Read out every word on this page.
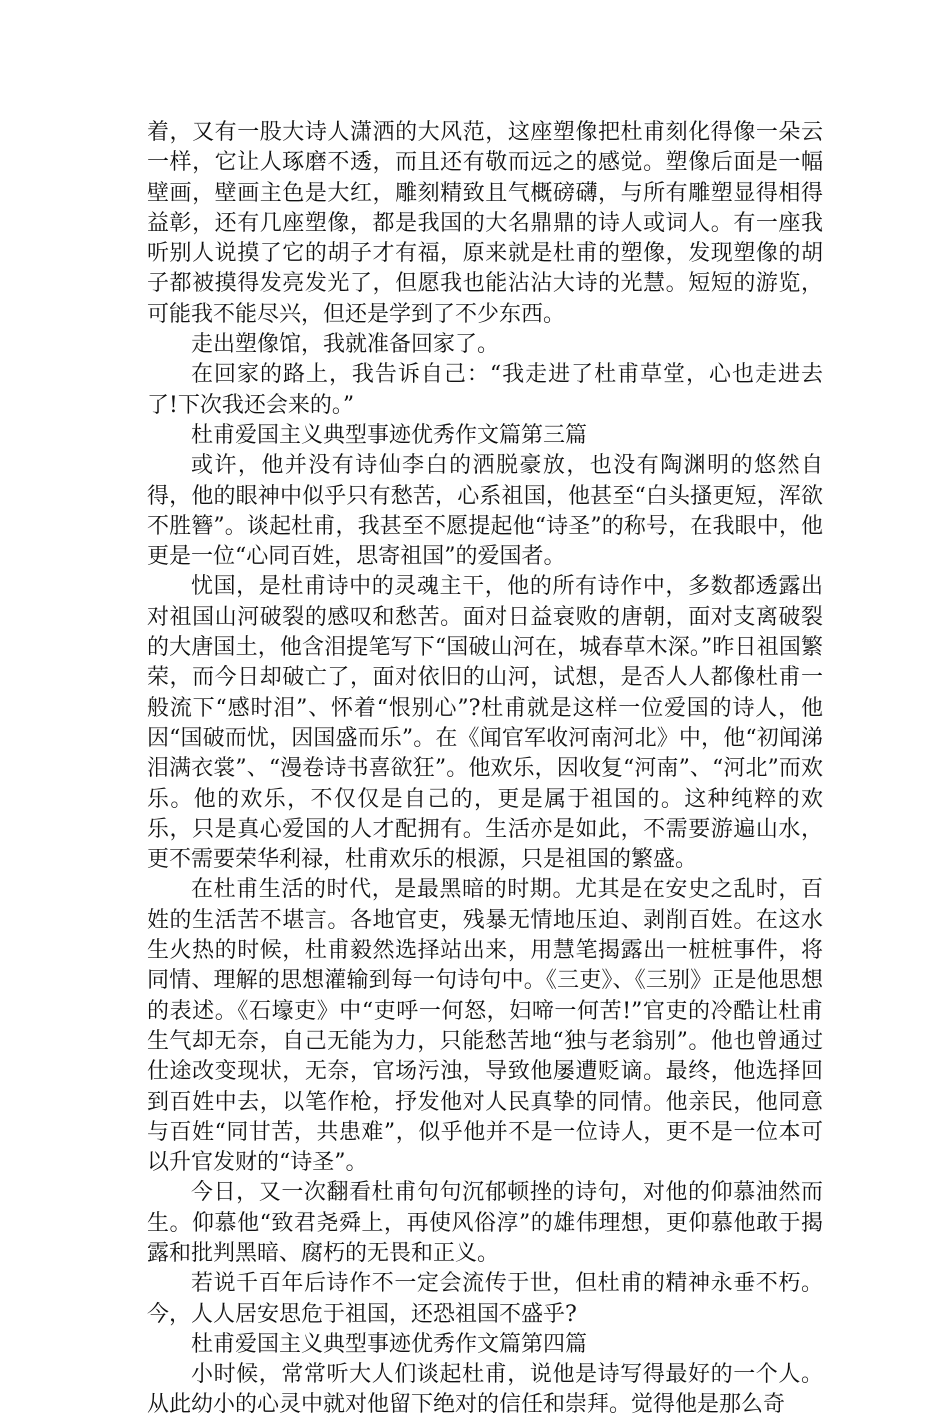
着，又有一股大诗人潇洒的大风范，这座塑像把杜甫刻化得像一朵云一样，它让人琢磨不透，而且还有敬而远之的感觉。塑像后面是一幅壁画，壁画主色是大红，雕刻精致且气概磅礴，与所有雕塑显得相得益彰，还有几座塑像，都是我国的大名鼎鼎的诗人或词人。有一座我听别人说摸了它的胡子才有福，原来就是杜甫的塑像，发现塑像的胡子都被摸得发亮发光了，但愿我也能沾沾大诗的光慧。短短的游览，可能我不能尽兴，但还是学到了不少东西。

走出塑像馆，我就准备回家了。

在回家的路上，我告诉自己：“我走进了杜甫草堂，心也走进去了!下次我还会来的。”

杜甫爱国主义典型事迹优秀作文篇第三篇

或许，他并没有诗仙李白的洒脱豪放，也没有陶渊明的悠然自得，他的眼神中似乎只有愁苦，心系祖国，他甚至“白头搔更短，浑欲不胜簪”。谈起杜甫，我甚至不愿提起他“诗圣”的称号，在我眼中，他更是一位“心同百姓，思寄祖国”的爱国者。

忧国，是杜甫诗中的灵魂主干，他的所有诗作中，多数都透露出对祖国山河破裂的感叹和愁苦。面对日益衰败的唐朝，面对支离破裂的大唐国土，他含泪提笔写下“国破山河在，城春草木深。”昨日祖国繁荣，而今日却破亡了，面对依旧的山河，试想，是否人人都像杜甫一般流下“感时泪”、怀着“恨别心”?杜甫就是这样一位爱国的诗人，他因“国破而忧，因国盛而乐”。在《闻官军收河南河北》中，他“初闻涕泪满衣裳”、“漫卷诗书喜欲狂”。他欢乐，因收复“河南”、“河北”而欢乐。他的欢乐，不仅仅是自己的，更是属于祖国的。这种纯粹的欢乐，只是真心爱国的人才配拥有。生活亦是如此，不需要游遍山水，更不需要荣华利禄，杜甫欢乐的根源，只是祖国的繁盛。

在杜甫生活的时代，是最黑暗的时期。尤其是在安史之乱时，百姓的生活苦不堪言。各地官吏，残暴无情地压迫、剥削百姓。在这水生火热的时候，杜甫毅然选择站出来，用慧笔揭露出一桩桩事件，将同情、理解的思想灌输到每一句诗句中。《三吏》、《三别》正是他思想的表述。《石壕吏》中“吏呼一何怒，妇啼一何苦!”官吏的冷酷让杜甫生气却无奈，自己无能为力，只能愁苦地“独与老翁别”。他也曾通过仕途改变现状，无奈，官场污浊，导致他屡遭贬谪。最终，他选择回到百姓中去，以笔作枪，抒发他对人民真挚的同情。他亲民，他同意与百姓“同甘苦，共患难”，似乎他并不是一位诗人，更不是一位本可以升官发财的“诗圣”。

今日，又一次翻看杜甫句句沉郁顿挫的诗句，对他的仰慕油然而生。仰慕他“致君尧舜上，再使风俗淳”的雄伟理想，更仰慕他敢于揭露和批判黑暗、腐朽的无畏和正义。

若说千百年后诗作不一定会流传于世，但杜甫的精神永垂不朽。今，人人居安思危于祖国，还恐祖国不盛乎?

杜甫爱国主义典型事迹优秀作文篇第四篇

小时候，常常听大人们谈起杜甫，说他是诗写得最好的一个人。从此幼小的心灵中就对他留下绝对的信任和崇拜。觉得他是那么奇
